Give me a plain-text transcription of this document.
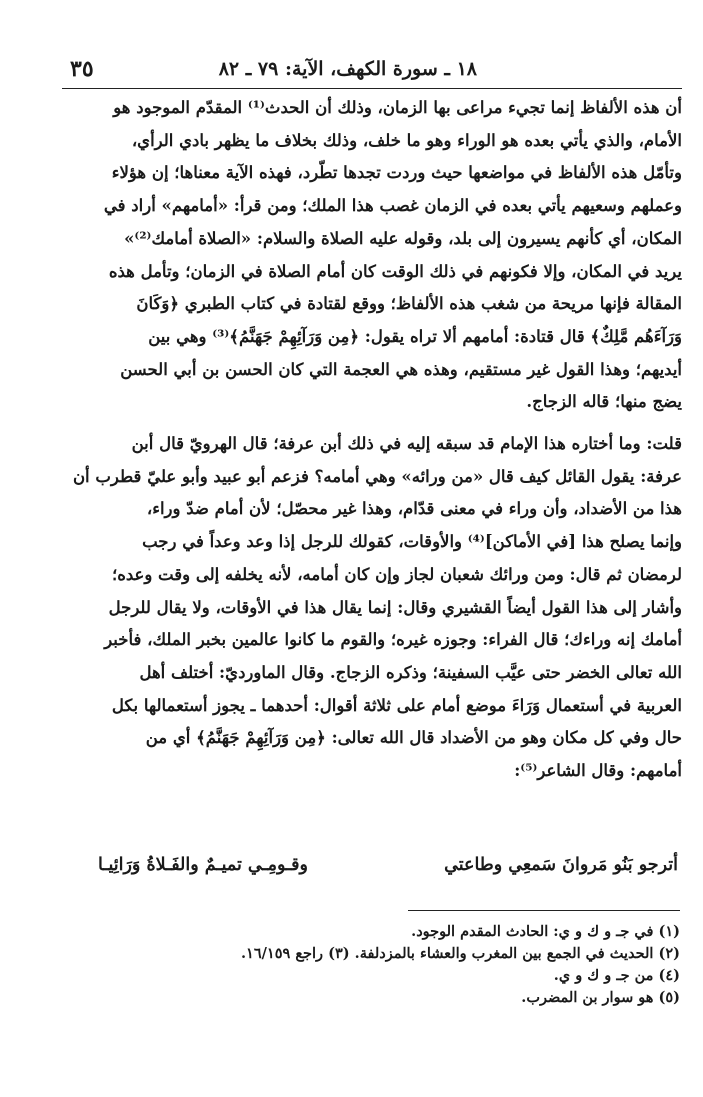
١٨ ـ سورة الكهف، الآية: ٧٩ ـ ٨٢
٣٥
أن هذه الألفاظ إنما تجيء مراعى بها الزمان، وذلك أن الحدث⁽¹⁾ المقدّم الموجود هو
الأمام، والذي يأتي بعده هو الوراء وهو ما خلف، وذلك بخلاف ما يظهر بادي الرأي،
وتأمّل هذه الألفاظ في مواضعها حيث وردت تجدها تطّرد، فهذه الآية معناها؛ إن هؤلاء
وعملهم وسعيهم يأتي بعده في الزمان غصب هذا الملك؛ ومن قرأ: «أمامهم» أراد في
المكان، أي كأنهم يسيرون إلى بلد، وقوله عليه الصلاة والسلام: «الصلاة أمامك⁽²⁾»
يريد في المكان، وإلا فكونهم في ذلك الوقت كان أمام الصلاة في الزمان؛ وتأمل هذه
المقالة فإنها مريحة من شغب هذه الألفاظ؛ ووقع لقتادة في كتاب الطبري ﴿وَكَانَ
وَرَآءَهُم مَّلِكٌ﴾ قال قتادة: أمامهم ألا تراه يقول: ﴿مِن وَرَآئِهِمْ جَهَنَّمُ﴾⁽³⁾ وهي بين
أيديهم؛ وهذا القول غير مستقيم، وهذه هي العجمة التي كان الحسن بن أبي الحسن
يضج منها؛ قاله الزجاج.
قلت: وما أختاره هذا الإمام قد سبقه إليه في ذلك أبن عرفة؛ قال الهرويّ قال أبن
عرفة: يقول القائل كيف قال «من ورائه» وهي أمامه؟ فزعم أبو عبيد وأبو عليّ قطرب أن
هذا من الأضداد، وأن وراء في معنى قدّام، وهذا غير محصّل؛ لأن أمام ضدّ وراء،
وإنما يصلح هذا [في الأماكن]⁽⁴⁾ والأوقات، كقولك للرجل إذا وعد وعداً في رجب
لرمضان ثم قال: ومن ورائك شعبان لجاز وإن كان أمامه، لأنه يخلفه إلى وقت وعده؛
وأشار إلى هذا القول أيضاً القشيري وقال: إنما يقال هذا في الأوقات، ولا يقال للرجل
أمامك إنه وراءك؛ قال الفراء: وجوزه غيره؛ والقوم ما كانوا عالمين بخبر الملك، فأخبر
الله تعالى الخضر حتى عيَّب السفينة؛ وذكره الزجاج. وقال الماورديّ: أختلف أهل
العربية في أستعمال وَرَاءَ موضع أمام على ثلاثة أقوال: أحدهما ـ يجوز أستعمالها بكل
حال وفي كل مكان وهو من الأضداد قال الله تعالى: ﴿مِن وَرَآئِهِمْ جَهَنَّمُ﴾ أي من
أمامهم: وقال الشاعر⁽⁵⁾:
أترجو بَنُو مَروانَ سَمعِي وطاعتي
وقـومِـي تميـمٌ والفَـلاةُ وَرَائِيـا
(١) في جـ و ك و ي: الحادث المقدم الوجود.
(٢) الحديث في الجمع بين المغرب والعشاء بالمزدلفة. (٣) راجع ١٦/١٥٩.
(٤) من جـ و ك و ي.
(٥) هو سوار بن المضرب.
